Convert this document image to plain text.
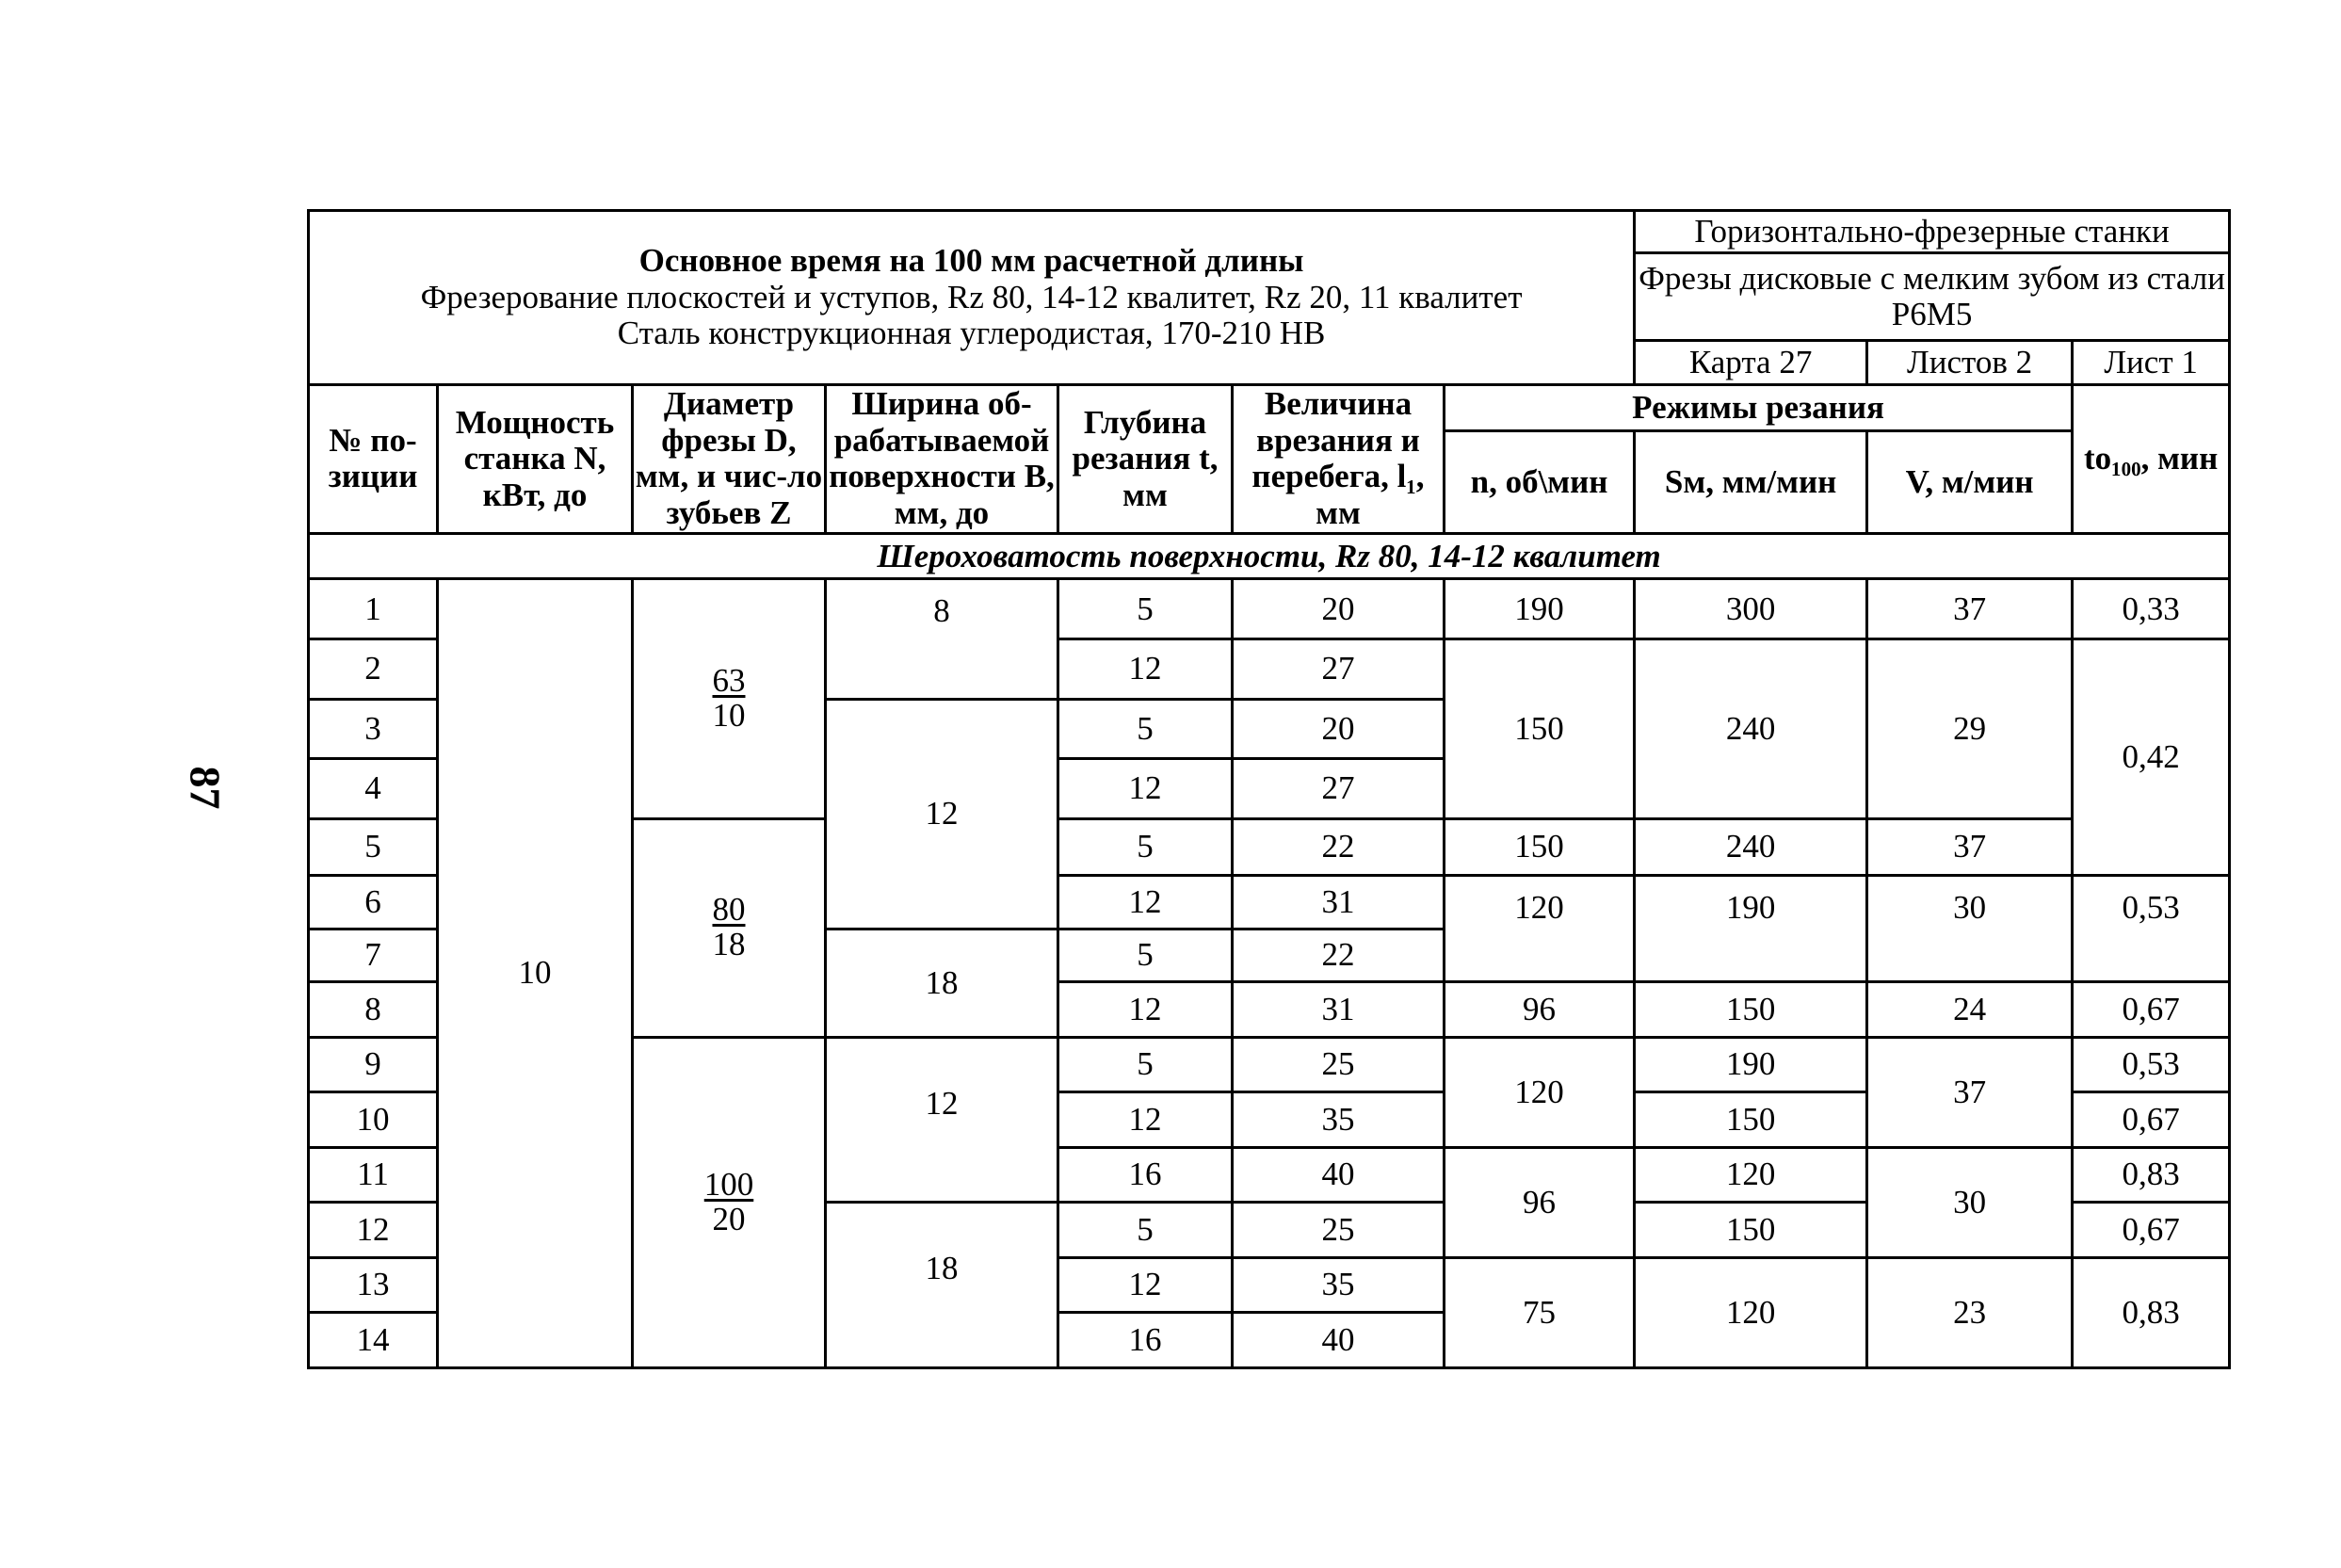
87
Основное время на 100 мм расчетной длины
Фрезерование плоскостей и уступов, Rz 80, 14-12 квалитет, Rz 20, 11 квалитет
Сталь конструкционная углеродистая, 170-210 НВ							Горизонтально-фрезерные станки		
							Фрезы дисковые с мелким зубом из стали Р6М5		
							Карта 27	Листов 2	Лист 1
№ по-зиции	Мощность станка N, кВт, до	Диаметр фрезы D, мм, и чис-ло зубьев Z	Ширина об-рабатываемой поверхности В, мм, до	Глубина резания t, мм	Величина врезания и перебега, l₁, мм	Режимы резания			to₁₀₀, мин
						n, об\мин	Sм, мм/мин	V, м/мин	
Шероховатость поверхности, Rz 80, 14-12 квалитет									
1	10	$\frac{63}{10}$	8	5	20	190	300	37	0,33
2				12	27	150	240	29	0,42
3			12	5	20				
4				12	27				
5		$\frac{80}{18}$		5	22	150	240	37	
6				12	31	120	190	30	0,53
7			18	5	22				
8				12	31	96	150	24	0,67
9		$\frac{100}{20}$	12	5	25	120	190	37	0,53
10				12	35		150		0,67
11				16	40	96	120	30	0,83
12			18	5	25		150		0,67
13				12	35	75	120	23	0,83
14				16	40				
